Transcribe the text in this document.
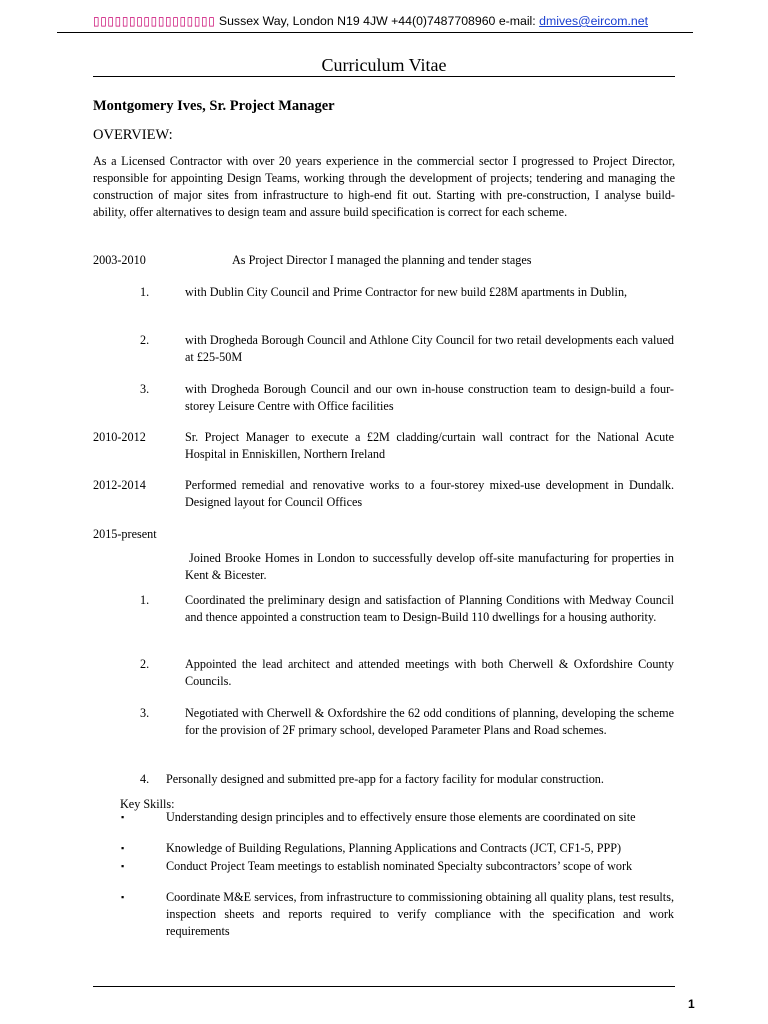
▯▯▯▯▯▯▯▯▯▯▯▯▯▯▯▯▯ Sussex Way, London N19 4JW +44(0)7487708960 e-mail: dmives@eircom.net
Curriculum Vitae
Montgomery Ives, Sr. Project Manager
OVERVIEW:
As a Licensed Contractor with over 20 years experience in the commercial sector I progressed to Project Director, responsible for appointing Design Teams, working through the development of projects; tendering and managing the construction of major sites from infrastructure to high-end fit out. Starting with pre-construction, I analyse build-ability, offer alternatives to design team and assure build specification is correct for each scheme.
2003-2010	As Project Director I managed the planning and tender stages
1.	with Dublin City Council and Prime Contractor for new build £28M apartments in Dublin,
2.	with Drogheda Borough Council and Athlone City Council for two retail developments each valued at £25-50M
3.	with Drogheda Borough Council and our own in-house construction team to design-build a four-storey Leisure Centre with Office facilities
2010-2012	Sr. Project Manager to execute a £2M cladding/curtain wall contract for the National Acute Hospital in Enniskillen, Northern Ireland
2012-2014	Performed remedial and renovative works to a four-storey mixed-use development in Dundalk. Designed layout for Council Offices
2015-present
Joined Brooke Homes in London to successfully develop off-site manufacturing for properties in Kent & Bicester.
1.	Coordinated the preliminary design and satisfaction of Planning Conditions with Medway Council and thence appointed a construction team to Design-Build 110 dwellings for a housing authority.
2.	Appointed the lead architect and attended meetings with both Cherwell & Oxfordshire County Councils.
3.	Negotiated with Cherwell & Oxfordshire the 62 odd conditions of planning, developing the scheme for the provision of 2F primary school, developed Parameter Plans and Road schemes.
4. Personally designed and submitted pre-app for a factory facility for modular construction.
Key Skills:
▪	Understanding design principles and to effectively ensure those elements are coordinated on site
▪	Knowledge of Building Regulations, Planning Applications and Contracts (JCT, CF1-5, PPP)
▪	Conduct Project Team meetings to establish nominated Specialty subcontractors’ scope of work
▪	Coordinate M&E services, from infrastructure to commissioning obtaining all quality plans, test results, inspection sheets and reports required to verify compliance with the specification and work requirements
1
